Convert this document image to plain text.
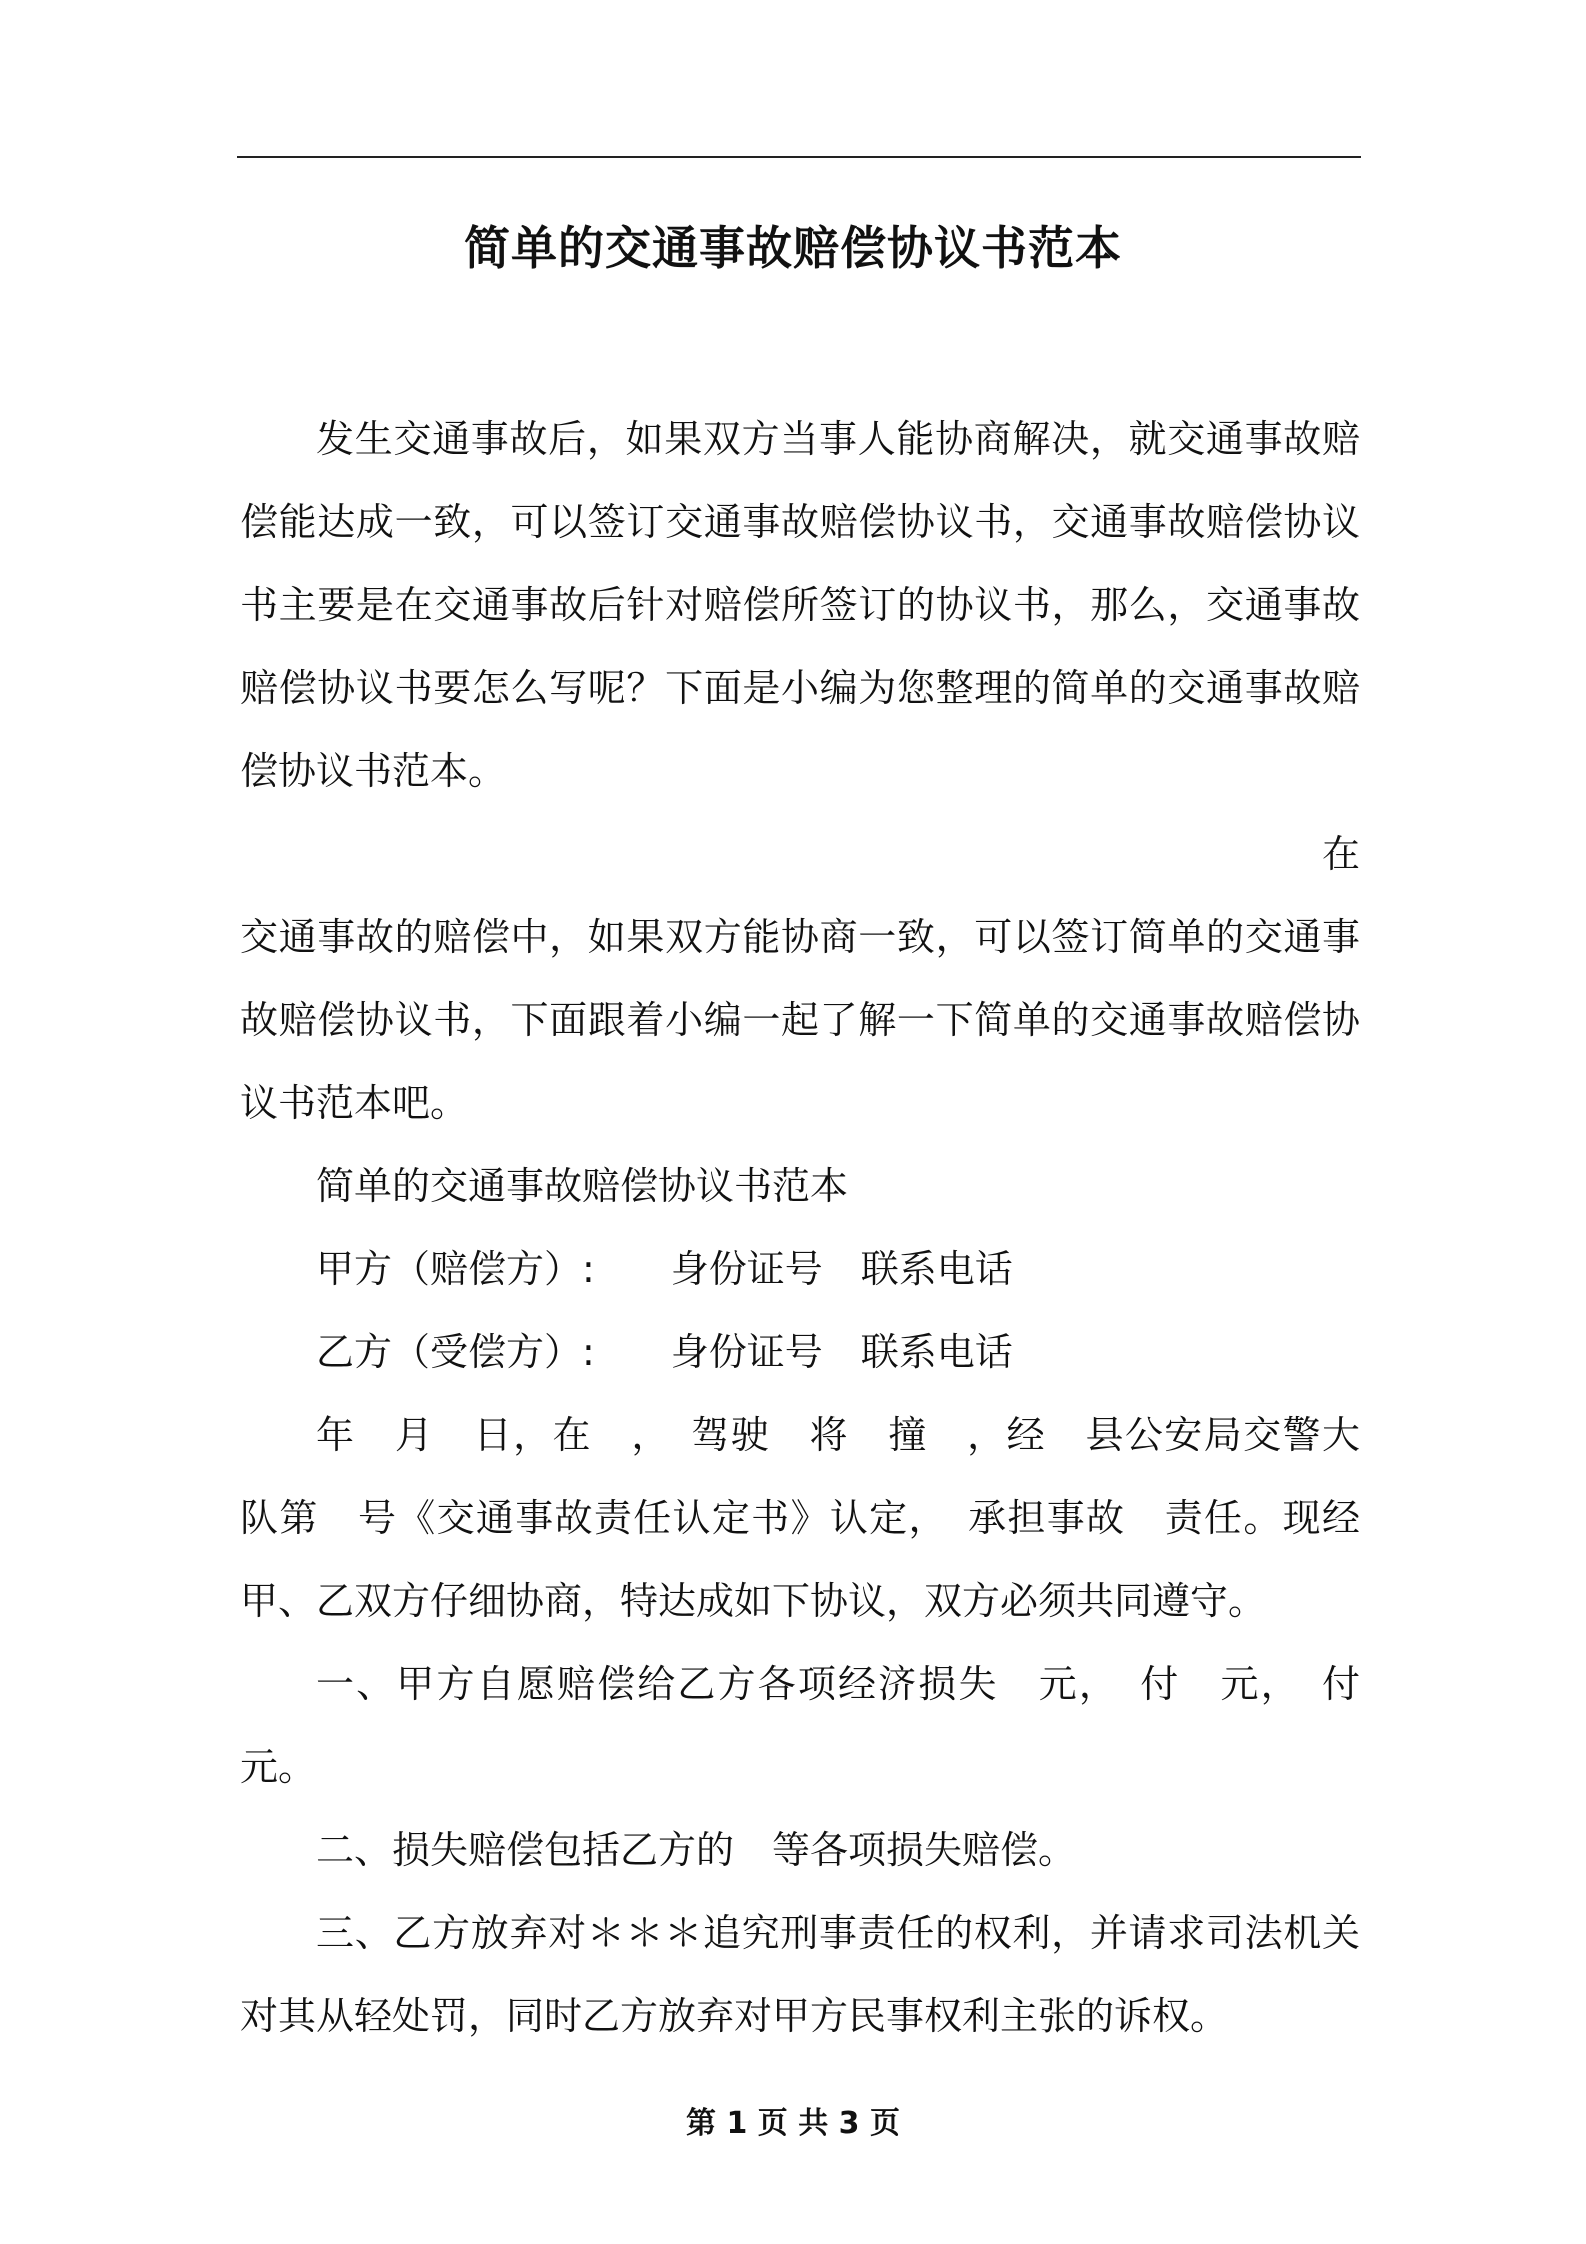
简单的交通事故赔偿协议书范本

发生交通事故后，如果双方当事人能协商解决，就交通事故赔偿能达成一致，可以签订交通事故赔偿协议书，交通事故赔偿协议书主要是在交通事故后针对赔偿所签订的协议书，那么，交通事故赔偿协议书要怎么写呢？下面是小编为您整理的简单的交通事故赔偿协议书范本。

在

交通事故的赔偿中，如果双方能协商一致，可以签订简单的交通事故赔偿协议书，下面跟着小编一起了解一下简单的交通事故赔偿协议书范本吧。

简单的交通事故赔偿协议书范本

甲方（赔偿方）:　　身份证号　联系电话

乙方（受偿方）:　　身份证号　联系电话

年　月　日，在　，　驾驶　将　撞　，经　县公安局交警大队第　号《交通事故责任认定书》认定，　承担事故　责任。现经甲、乙双方仔细协商，特达成如下协议，双方必须共同遵守。

一、甲方自愿赔偿给乙方各项经济损失　元，　付　元，　付　元。

二、损失赔偿包括乙方的　等各项损失赔偿。

三、乙方放弃对＊＊＊追究刑事责任的权利，并请求司法机关对其从轻处罚，同时乙方放弃对甲方民事权利主张的诉权。

第 1 页 共 3 页
